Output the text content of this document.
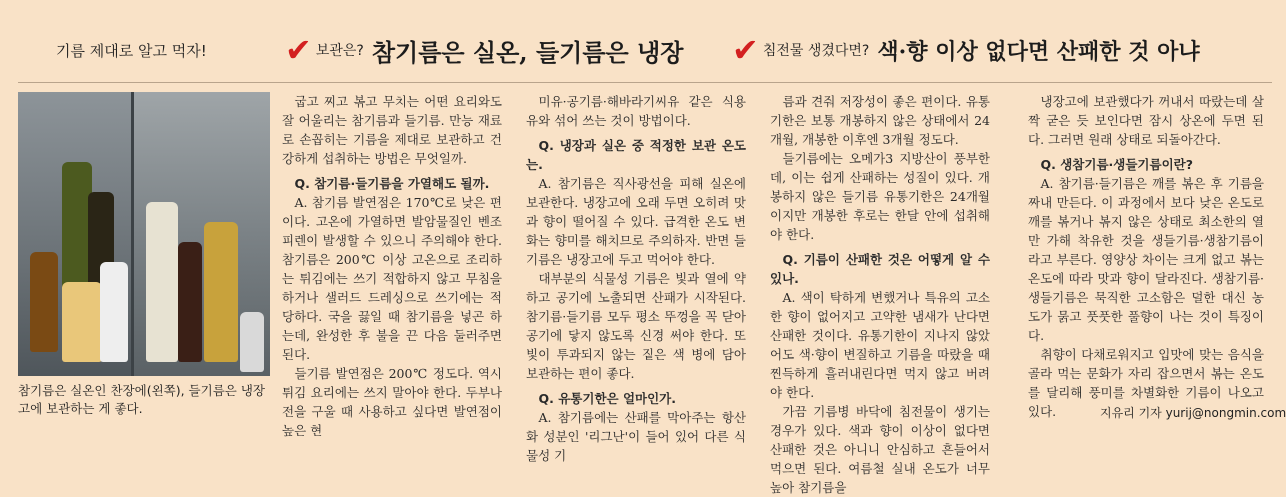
기름 제대로 알고 먹자! ✔ 보관은? 참기름은 실온, 들기름은 냉장 ✔ 침전물 생겼다면? 색·향 이상 없다면 산패한 것 아냐
참기름은 실온인 찬장에(왼쪽), 들기름은 냉장고에 보관하는 게 좋다.

굽고 찌고 볶고 무치는 어떤 요리와도 잘 어울리는 참기름과 들기름. 만능 재료로 손꼽히는 기름을 제대로 보관하고 건강하게 섭취하는 방법은 무엇일까.

Q. 참기름·들기름을 가열해도 될까.

A. 참기름 발연점은 170℃로 낮은 편이다. 고온에 가열하면 발암물질인 벤조피렌이 발생할 수 있으니 주의해야 한다. 참기름은 200℃ 이상 고온으로 조리하는 튀김에는 쓰기 적합하지 않고 무침을 하거나 샐러드 드레싱으로 쓰기에는 적당하다. 국을 끓일 때 참기름을 넣곤 하는데, 완성한 후 불을 끈 다음 둘러주면 된다.

들기름 발연점은 200℃ 정도다. 역시 튀김 요리에는 쓰지 말아야 한다. 두부나 전을 구울 때 사용하고 싶다면 발연점이 높은 현

미유·공기름·해바라기씨유 같은 식용유와 섞어 쓰는 것이 방법이다.

Q. 냉장과 실온 중 적정한 보관 온도는.

A. 참기름은 직사광선을 피해 실온에 보관한다. 냉장고에 오래 두면 오히려 맛과 향이 떨어질 수 있다. 급격한 온도 변화는 향미를 해치므로 주의하자. 반면 들기름은 냉장고에 두고 먹어야 한다.

대부분의 식물성 기름은 빛과 열에 약하고 공기에 노출되면 산패가 시작된다. 참기름·들기름 모두 평소 뚜껑을 꼭 닫아 공기에 닿지 않도록 신경 써야 한다. 또 빛이 투과되지 않는 짙은 색 병에 담아 보관하는 편이 좋다.

Q. 유통기한은 얼마인가.

A. 참기름에는 산패를 막아주는 항산화 성분인 '리그난'이 들어 있어 다른 식물성 기

름과 견줘 저장성이 좋은 편이다. 유통기한은 보통 개봉하지 않은 상태에서 24개월, 개봉한 이후엔 3개월 정도다.

들기름에는 오메가3 지방산이 풍부한데, 이는 쉽게 산패하는 성질이 있다. 개봉하지 않은 들기름 유통기한은 24개월이지만 개봉한 후로는 한달 안에 섭취해야 한다.

Q. 기름이 산패한 것은 어떻게 알 수 있나.

A. 색이 탁하게 변했거나 특유의 고소한 향이 없어지고 고약한 냄새가 난다면 산패한 것이다. 유통기한이 지나지 않았어도 색·향이 변질하고 기름을 따랐을 때 찐득하게 흘러내린다면 먹지 않고 버려야 한다.

가끔 기름병 바닥에 침전물이 생기는 경우가 있다. 색과 향이 이상이 없다면 산패한 것은 아니니 안심하고 흔들어서 먹으면 된다. 여름철 실내 온도가 너무 높아 참기름을

냉장고에 보관했다가 꺼내서 따랐는데 살짝 굳은 듯 보인다면 잠시 상온에 두면 된다. 그러면 원래 상태로 되돌아간다.

Q. 생참기름·생들기름이란?

A. 참기름·들기름은 깨를 볶은 후 기름을 짜내 만든다. 이 과정에서 보다 낮은 온도로 깨를 볶거나 볶지 않은 상태로 최소한의 열만 가해 착유한 것을 생들기름·생참기름이라고 부른다. 영양상 차이는 크게 없고 볶는 온도에 따라 맛과 향이 달라진다. 생참기름·생들기름은 묵직한 고소함은 덜한 대신 농도가 묽고 풋풋한 풀향이 나는 것이 특징이다.

취향이 다채로워지고 입맛에 맞는 음식을 골라 먹는 문화가 자리 잡으면서 볶는 온도를 달리해 풍미를 차별화한 기름이 나오고 있다.	지유리 기자 yurij@nongmin.com
